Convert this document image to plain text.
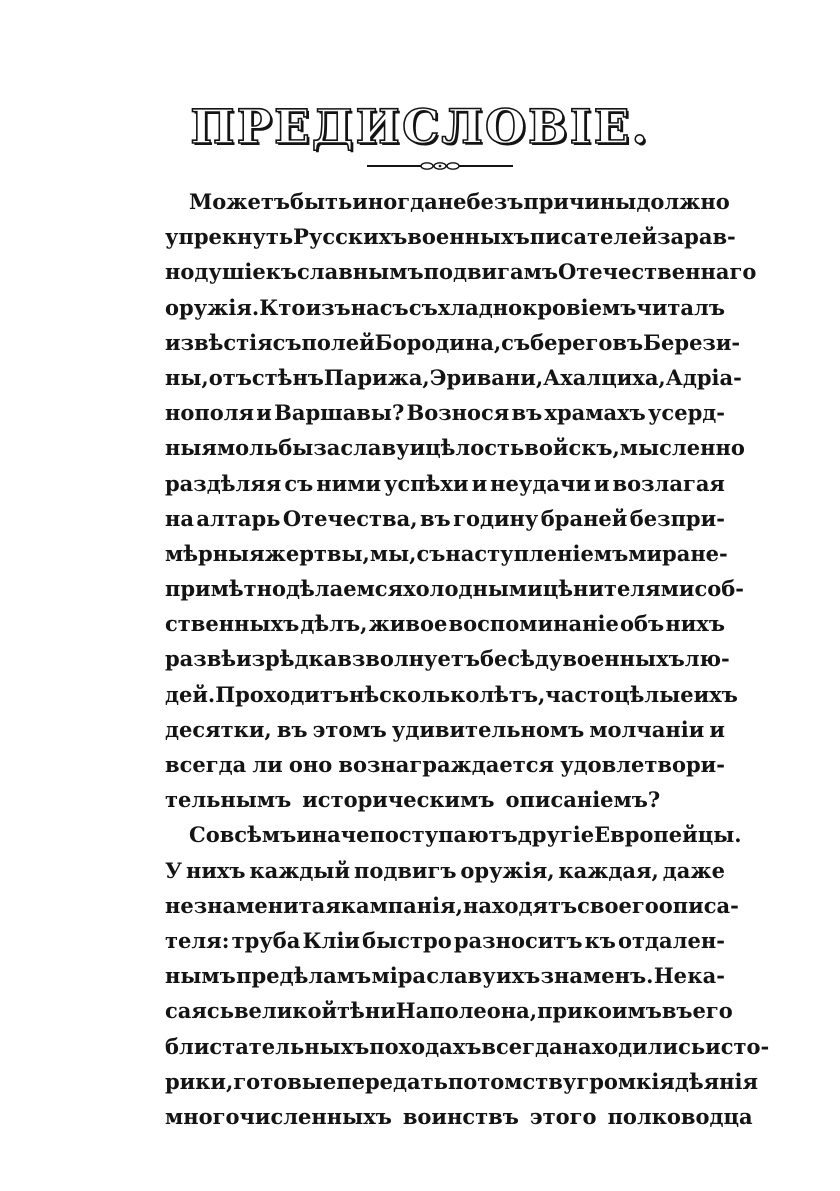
ПРЕДИСЛОВІЕ.
Можетъ быть иногда не безъ причины должно
упрекнуть Русскихъ военныхъ писателей за рав-
нодушіе къ славнымъ подвигамъ Отечественнаго
оружія. Кто изъ насъ съ хладнокровіемъ читалъ
извѣстія съ полей Бородина, съ береговъ Берези-
ны, отъ стѣнъ Парижа, Эривани, Ахалциха, Адріа-
нополя и Варшавы? Возноcя въ храмахъ усерд-
ныя мольбы за славу и цѣлость войскъ, мысленно
раздѣляя съ ними успѣхи и неудачи и возлагая
на алтарь Отечества, въ годину браней безпри-
мѣрныя жертвы, мы, съ наступленіемъ мира не-
примѣтно дѣлаемся холодными цѣнителями соб-
ственныхъ дѣлъ, живое воспоминаніе объ нихъ
развѣ изрѣдка взволнуетъ бесѣду военныхъ лю-
дей. Проходитъ нѣсколько лѣтъ, часто цѣлые ихъ
десятки, въ этомъ удивительномъ молчаніи и
всегда ли оно вознаграждается удовлетвори-
тельнымъ историческимъ описаніемъ?
Совсѣмъ иначе поступаютъ другіе Европейцы.
У нихъ каждый подвигъ оружія, каждая, даже
незнаменитая кампанія, находятъ своего описа-
теля: труба Кліи быстро разноситъ къ отдален-
нымъ предѣламъ міра славу ихъ знаменъ. Не ка-
саясь великой тѣни Наполеона, при коимъ въ его
блистательныхъ походахъ всегда находились исто-
рики, готовые передать потомству громкія дѣянія
многочисленныхъ воинствъ этого полководца
